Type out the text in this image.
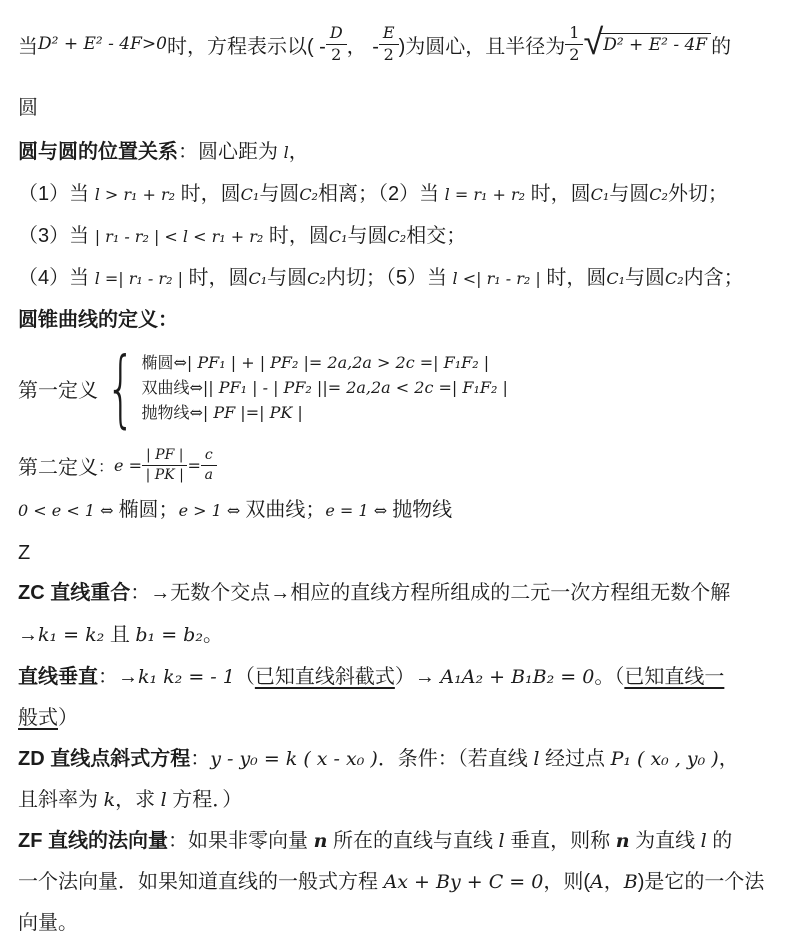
当 D² + E² - 4F>0 时，方程表示以( - $\frac{D}{2}$ ， - $\frac{E}{2}$ )为圆心，且半径为 $\frac{1}{2} √D^2 + E^2 - 4F$ 的
圆
圆与圆的位置关系：圆心距为 l，
（1）当 l > r₁ + r₂ 时，圆C₁与圆C₂相离；（2）当 l = r₁ + r₂ 时，圆C₁与圆C₂外切；
（3）当 | r₁ - r₂ | < l < r₁ + r₂ 时，圆C₁与圆C₂相交；
（4）当 l =| r₁ - r₂ | 时，圆C₁与圆C₂内切；（5）当 l <| r₁ - r₂ | 时，圆C₁与圆C₂内含；
圆锥曲线的定义：
第一定义 { 椭圆⇔| PF₁ | + | PF₂ |= 2a,2a > 2c =| F₁F₂ |
双曲线⇔|| PF₁ | - | PF₂ ||= 2a,2a < 2c =| F₁F₂ |
抛物线⇔| PF |=| PK |
第二定义 ： $e = \frac{| PF |}{| PK |} = \frac{c}{a}$
0 < e < 1 ⇔ 椭圆；e > 1 ⇔ 双曲线；e = 1 ⇔ 抛物线
Z
ZC 直线重合：→无数个交点→相应的直线方程所组成的二元一次方程组无数个解
→k₁ = k₂ 且 b₁ = b₂。
直线垂直：→k₁ k₂ = - 1（已知直线斜截式）→ A₁A₂ + B₁B₂ = 0。（已知直线一
般式）
ZD 直线点斜式方程：y - y₀ = k ( x - x₀ )．条件：（若直线 l 经过点 P₁ ( x₀ , y₀ )，
且斜率为 k，求 l 方程．）
ZF 直线的法向量：如果非零向量 n 所在的直线与直线 l 垂直，则称 n 为直线 l 的
一个法向量．如果知道直线的一般式方程 Ax + By + C = 0，则(A，B)是它的一个法
向量。
